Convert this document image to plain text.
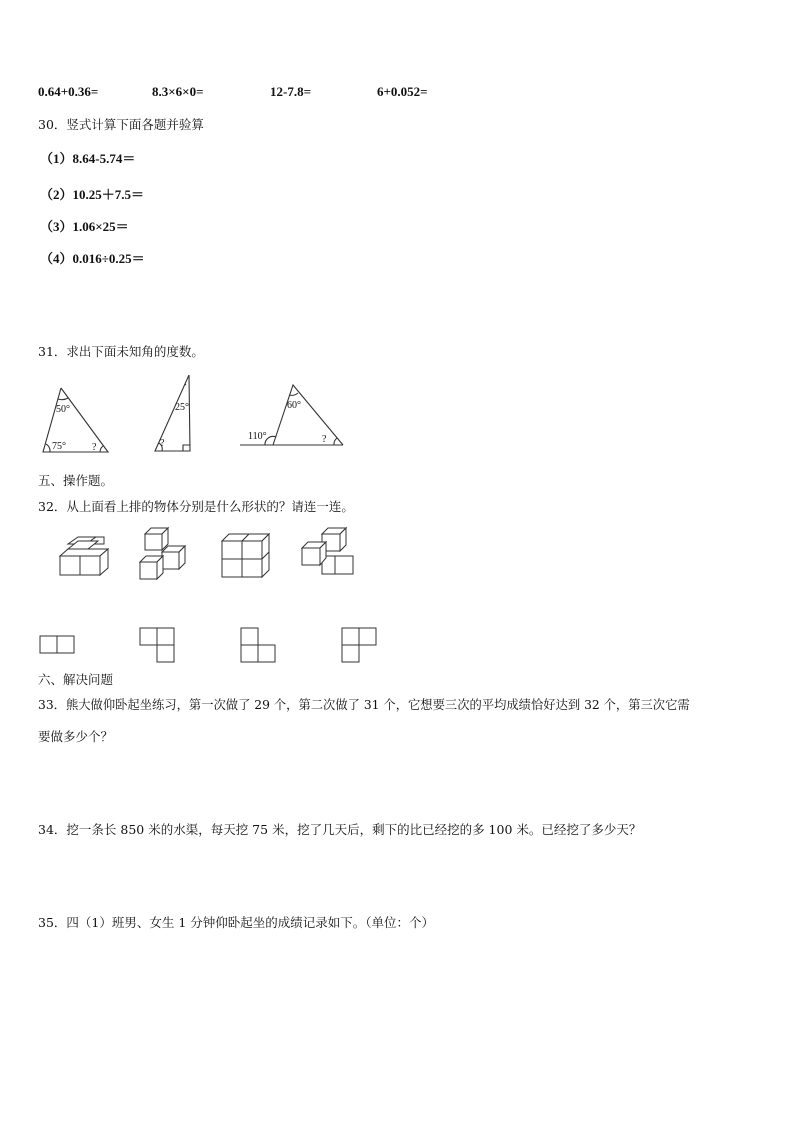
0.64+0.36=	8.3×6×0=	12-7.8=	6+0.052=
30．竖式计算下面各题并验算
（1）8.64-5.74＝
（2）10.25＋7.5＝
（3）1.06×25＝
（4）0.016÷0.25＝
31．求出下面未知角的度数。
50°
75°	?
25°
?
60°
110°	?
五、操作题。
32．从上面看上排的物体分别是什么形状的？请连一连。
六、解决问题
33．熊大做仰卧起坐练习，第一次做了 29 个，第二次做了 31 个，它想要三次的平均成绩恰好达到 32 个，第三次它需
要做多少个？
34．挖一条长 850 米的水渠，每天挖 75 米，挖了几天后，剩下的比已经挖的多 100 米。已经挖了多少天？
35．四（1）班男、女生 1 分钟仰卧起坐的成绩记录如下。（单位：个）
